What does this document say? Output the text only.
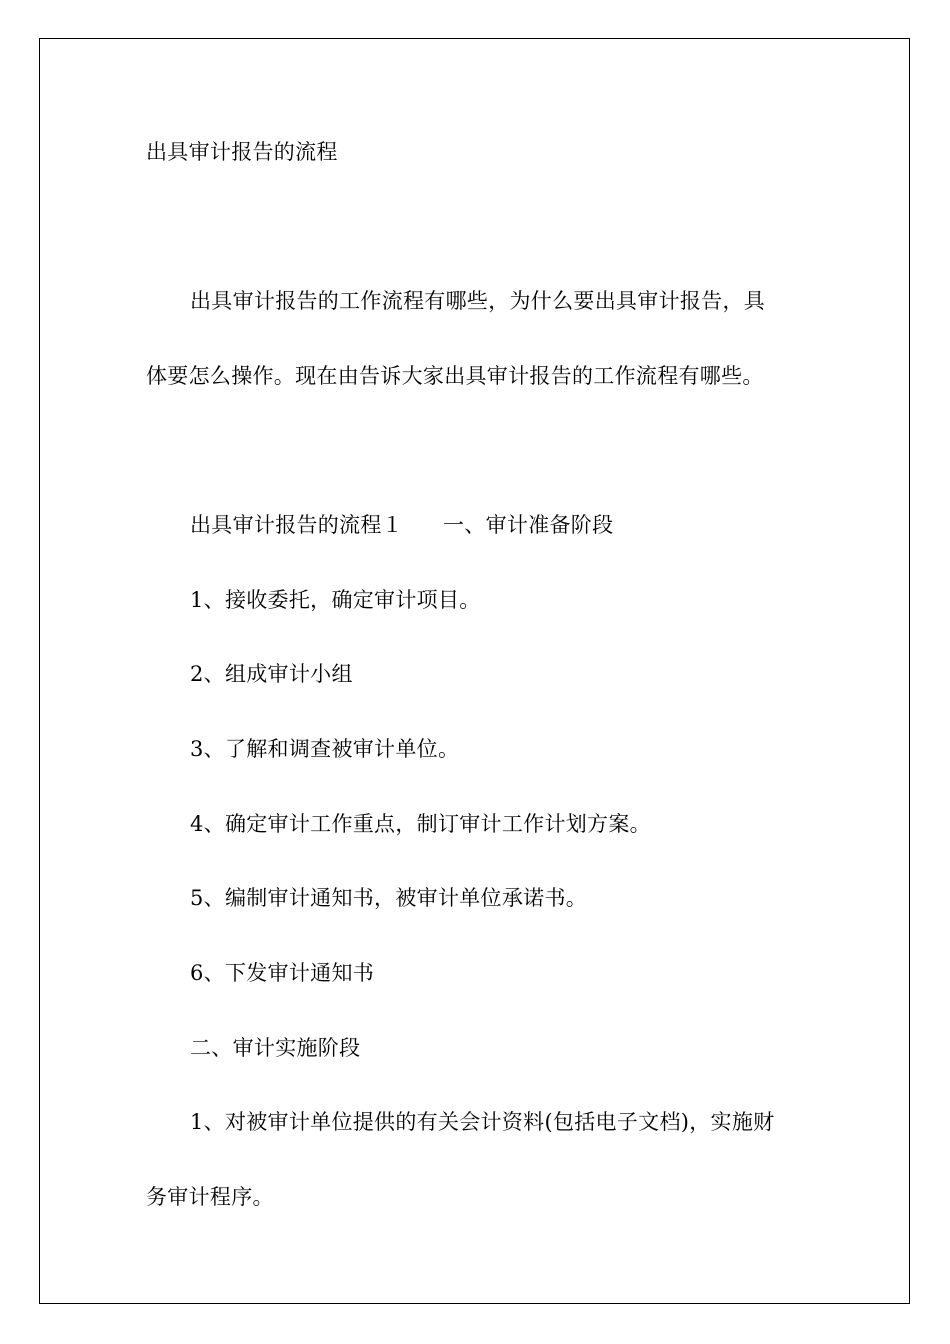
出具审计报告的流程
出具审计报告的工作流程有哪些，为什么要出具审计报告，具
体要怎么操作。现在由告诉大家出具审计报告的工作流程有哪些。
出具审计报告的流程１ 一、审计准备阶段
1、接收委托，确定审计项目。
2、组成审计小组
3、了解和调查被审计单位。
4、确定审计工作重点，制订审计工作计划方案。
5、编制审计通知书，被审计单位承诺书。
6、下发审计通知书
二、审计实施阶段
1、对被审计单位提供的有关会计资料(包括电子文档)，实施财
务审计程序。
